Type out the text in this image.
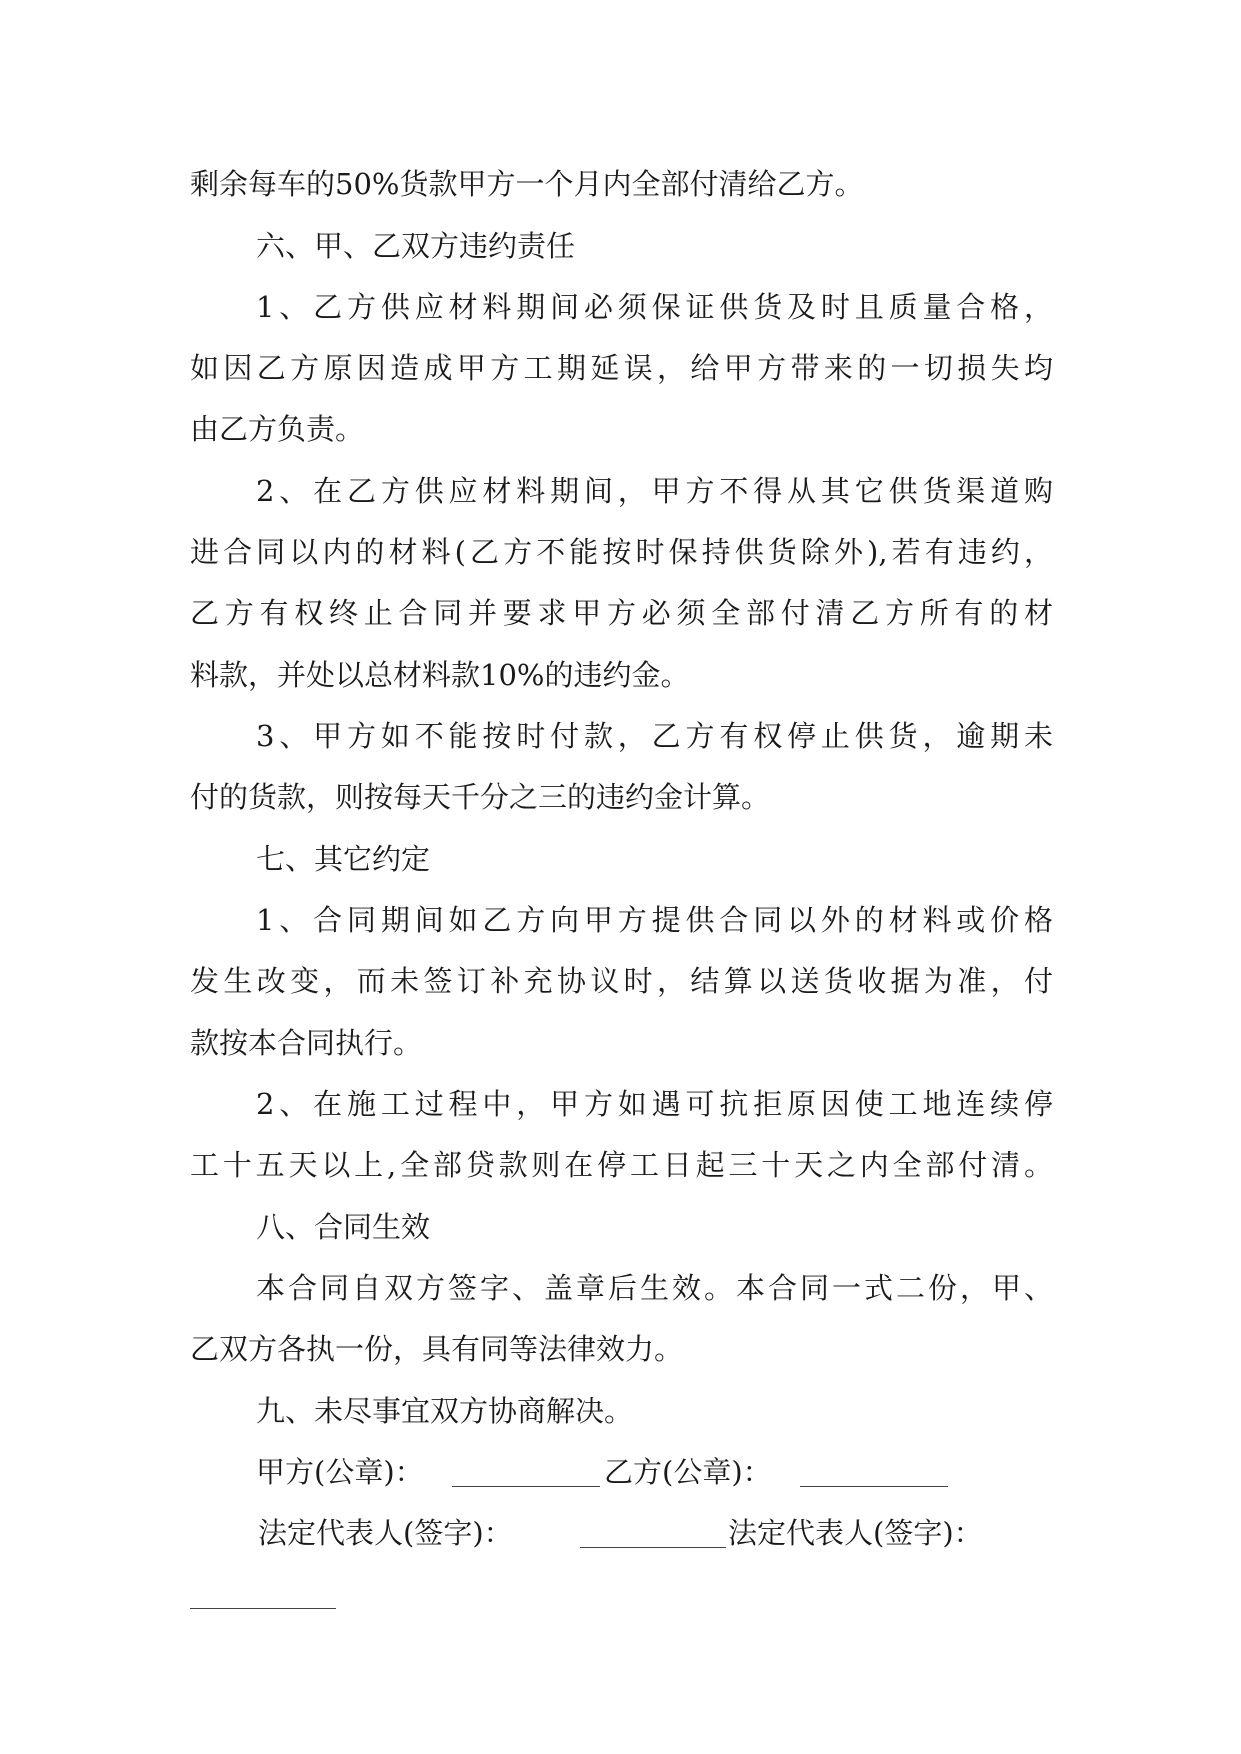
剩余每车的50%货款甲方一个月内全部付清给乙方。
六、甲、乙双方违约责任
1、乙方供应材料期间必须保证供货及时且质量合格，
如因乙方原因造成甲方工期延误，给甲方带来的一切损失均
由乙方负责。
2、在乙方供应材料期间，甲方不得从其它供货渠道购
进合同以内的材料(乙方不能按时保持供货除外),若有违约，
乙方有权终止合同并要求甲方必须全部付清乙方所有的材
料款，并处以总材料款10%的违约金。
3、甲方如不能按时付款，乙方有权停止供货，逾期未
付的货款，则按每天千分之三的违约金计算。
七、其它约定
1、合同期间如乙方向甲方提供合同以外的材料或价格
发生改变，而未签订补充协议时，结算以送货收据为准，付
款按本合同执行。
2、在施工过程中，甲方如遇可抗拒原因使工地连续停
工十五天以上,全部贷款则在停工日起三十天之内全部付清。
八、合同生效
本合同自双方签字、盖章后生效。本合同一式二份，甲、
乙双方各执一份，具有同等法律效力。
九、未尽事宜双方协商解决。
甲方(公章)：	乙方(公章)：
法定代表人(签字)：	法定代表人(签字)：
